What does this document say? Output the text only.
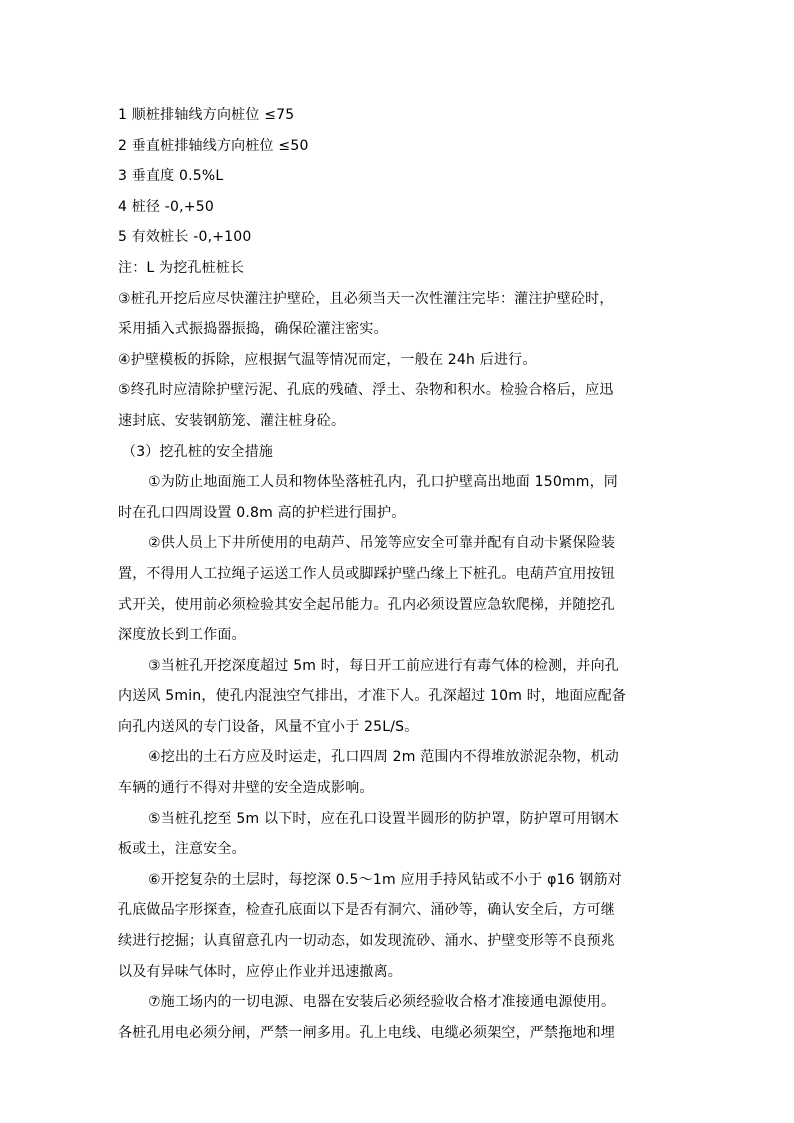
1 顺桩排轴线方向桩位 ≤75
2 垂直桩排轴线方向桩位 ≤50
3 垂直度 0.5%L
4 桩径 -0,+50
5 有效桩长 -0,+100
注：L 为挖孔桩桩长
③桩孔开挖后应尽快灌注护壁砼，且必须当天一次性灌注完毕：灌注护壁砼时，
采用插入式振捣器振捣，确保砼灌注密实。
④护壁模板的拆除，应根据气温等情况而定，一般在 24h 后进行。
⑤终孔时应清除护壁污泥、孔底的残碴、浮土、杂物和积水。检验合格后，应迅
速封底、安装钢筋笼、灌注桩身砼。
（3）挖孔桩的安全措施
①为防止地面施工人员和物体坠落桩孔内，孔口护壁高出地面 150mm，同
时在孔口四周设置 0.8m 高的护栏进行围护。
②供人员上下井所使用的电葫芦、吊笼等应安全可靠并配有自动卡紧保险装
置，不得用人工拉绳子运送工作人员或脚踩护壁凸缘上下桩孔。电葫芦宜用按钮
式开关，使用前必须检验其安全起吊能力。孔内必须设置应急软爬梯，并随挖孔
深度放长到工作面。
③当桩孔开挖深度超过 5m 时，每日开工前应进行有毒气体的检测，并向孔
内送风 5min，使孔内混浊空气排出，才准下人。孔深超过 10m 时，地面应配备
向孔内送风的专门设备，风量不宜小于 25L/S。
④挖出的土石方应及时运走，孔口四周 2m 范围内不得堆放淤泥杂物，机动
车辆的通行不得对井壁的安全造成影响。
⑤当桩孔挖至 5m 以下时，应在孔口设置半圆形的防护罩，防护罩可用钢木
板或土，注意安全。
⑥开挖复杂的土层时，每挖深 0.5～1m 应用手持风钻或不小于 φ16 钢筋对
孔底做品字形探查，检查孔底面以下是否有洞穴、涌砂等，确认安全后，方可继
续进行挖掘；认真留意孔内一切动态，如发现流砂、涌水、护壁变形等不良预兆
以及有异味气体时，应停止作业并迅速撤离。
⑦施工场内的一切电源、电器在安装后必须经验收合格才准接通电源使用。
各桩孔用电必须分闸，严禁一闸多用。孔上电线、电缆必须架空，严禁拖地和埋
